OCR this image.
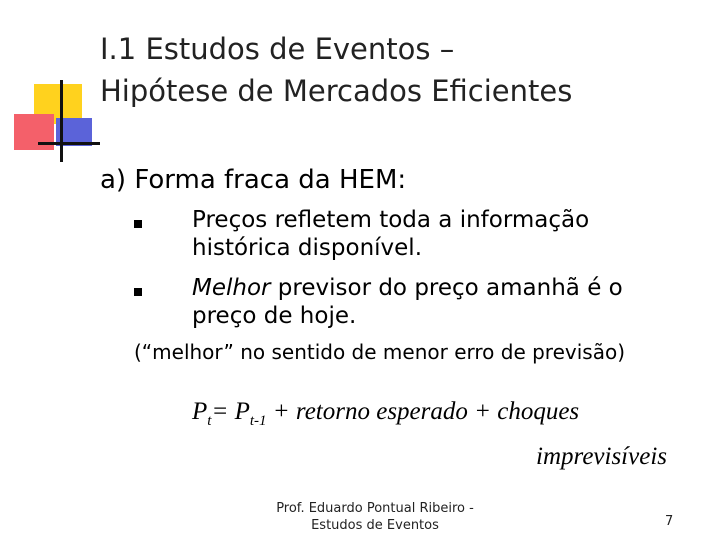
I.1 Estudos de Eventos –
Hipótese de Mercados Eficientes
a) Forma fraca da HEM:
Preços refletem toda a informação histórica disponível.
Melhor previsor do preço amanhã é o preço de hoje.
(“melhor” no sentido de menor erro de previsão)
$P_t= P_{t-1}$ + retorno esperado + choques
imprevisíveis
Prof. Eduardo Pontual Ribeiro -
Estudos de Eventos	7
